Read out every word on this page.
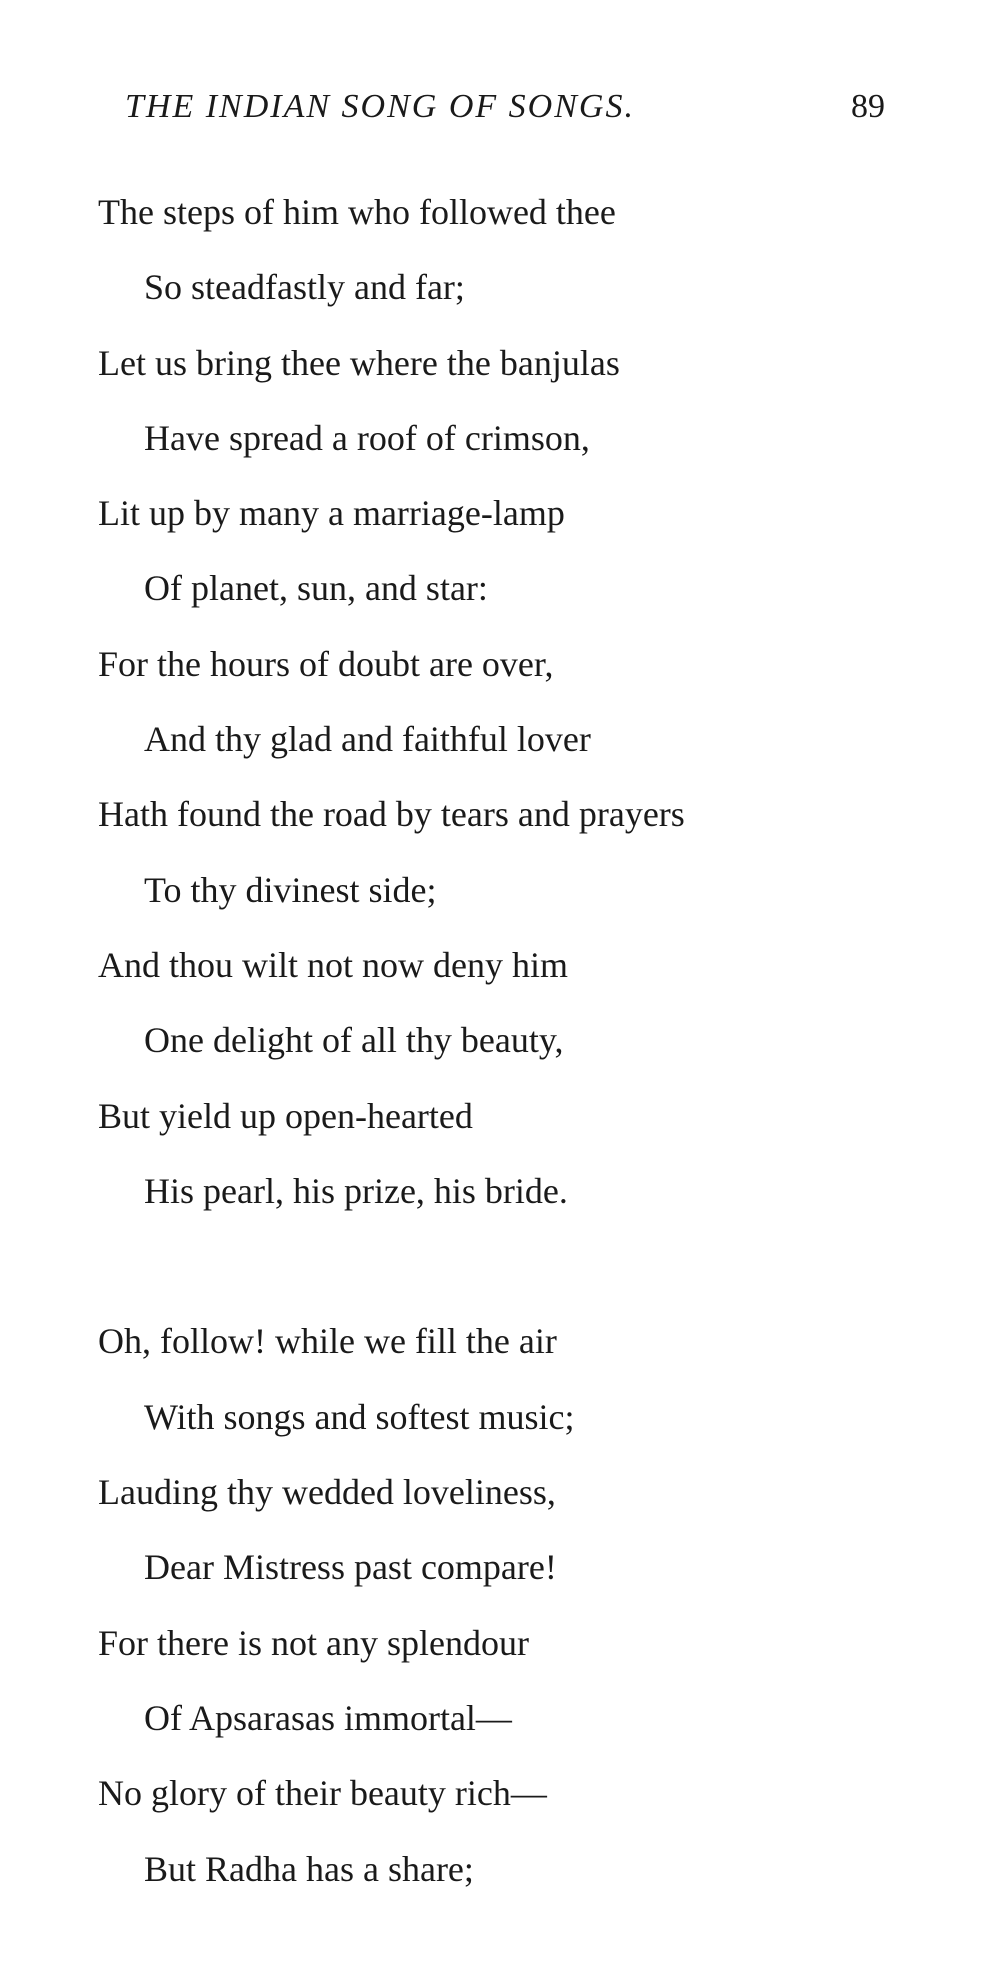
THE INDIAN SONG OF SONGS.	89
The steps of him who followed thee
So steadfastly and far;
Let us bring thee where the banjulas
Have spread a roof of crimson,
Lit up by many a marriage-lamp
Of planet, sun, and star:
For the hours of doubt are over,
And thy glad and faithful lover
Hath found the road by tears and prayers
To thy divinest side;
And thou wilt not now deny him
One delight of all thy beauty,
But yield up open-hearted
His pearl, his prize, his bride.
Oh, follow! while we fill the air
With songs and softest music;
Lauding thy wedded loveliness,
Dear Mistress past compare!
For there is not any splendour
Of Apsarasas immortal—
No glory of their beauty rich—
But Radha has a share;
